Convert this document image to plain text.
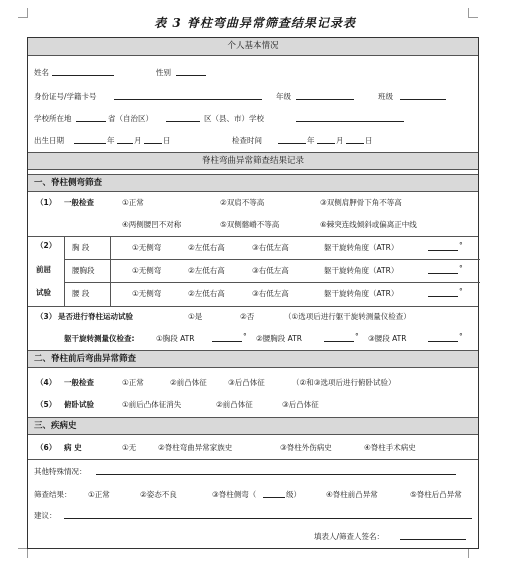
表 3 脊柱弯曲异常筛查结果记录表
个人基本情况
姓名	性别
身份证号/学籍卡号	年级	班级
学校所在地	省（自治区）	区（县、市）学校
出生日期	年	月	日	检查时间	年	月	日
脊柱弯曲异常筛查结果记录
一、脊柱侧弯筛查
（1） 一般检查	①正常	②双肩不等高	③双侧肩胛骨下角不等高
④两侧腰凹不对称	⑤双侧髂嵴不等高	⑥棘突连线倾斜或偏离正中线
（2）
前屈
试验
胸 段	①无侧弯	②左低右高	③右低左高	躯干旋转角度（ATR）	°
腰胸段	①无侧弯	②左低右高	③右低左高	躯干旋转角度（ATR）	°
腰 段	①无侧弯	②左低右高	③右低左高	躯干旋转角度（ATR）	°
（3） 是否进行脊柱运动试验	①是	②否	（①选项后进行躯干旋转测量仪检查）
躯干旋转测量仪检查:	①胸段 ATR	° ②腰胸段 ATR	° ③腰段 ATR	°
二、脊柱前后弯曲异常筛查
（4） 一般检查	①正常	②前凸体征	③后凸体征	（②和③选项后进行俯卧试验）
（5） 俯卧试验	①前后凸体征消失	②前凸体征	③后凸体征
三、疾病史
（6） 病 史	①无	②脊柱弯曲异常家族史	③脊柱外伤病史	④脊柱手术病史
其他特殊情况：
筛查结果： ①正常	②姿态不良	③脊柱侧弯（	级）	④脊柱前凸异常	⑤脊柱后凸异常
建议：
填表人/筛查人签名：
